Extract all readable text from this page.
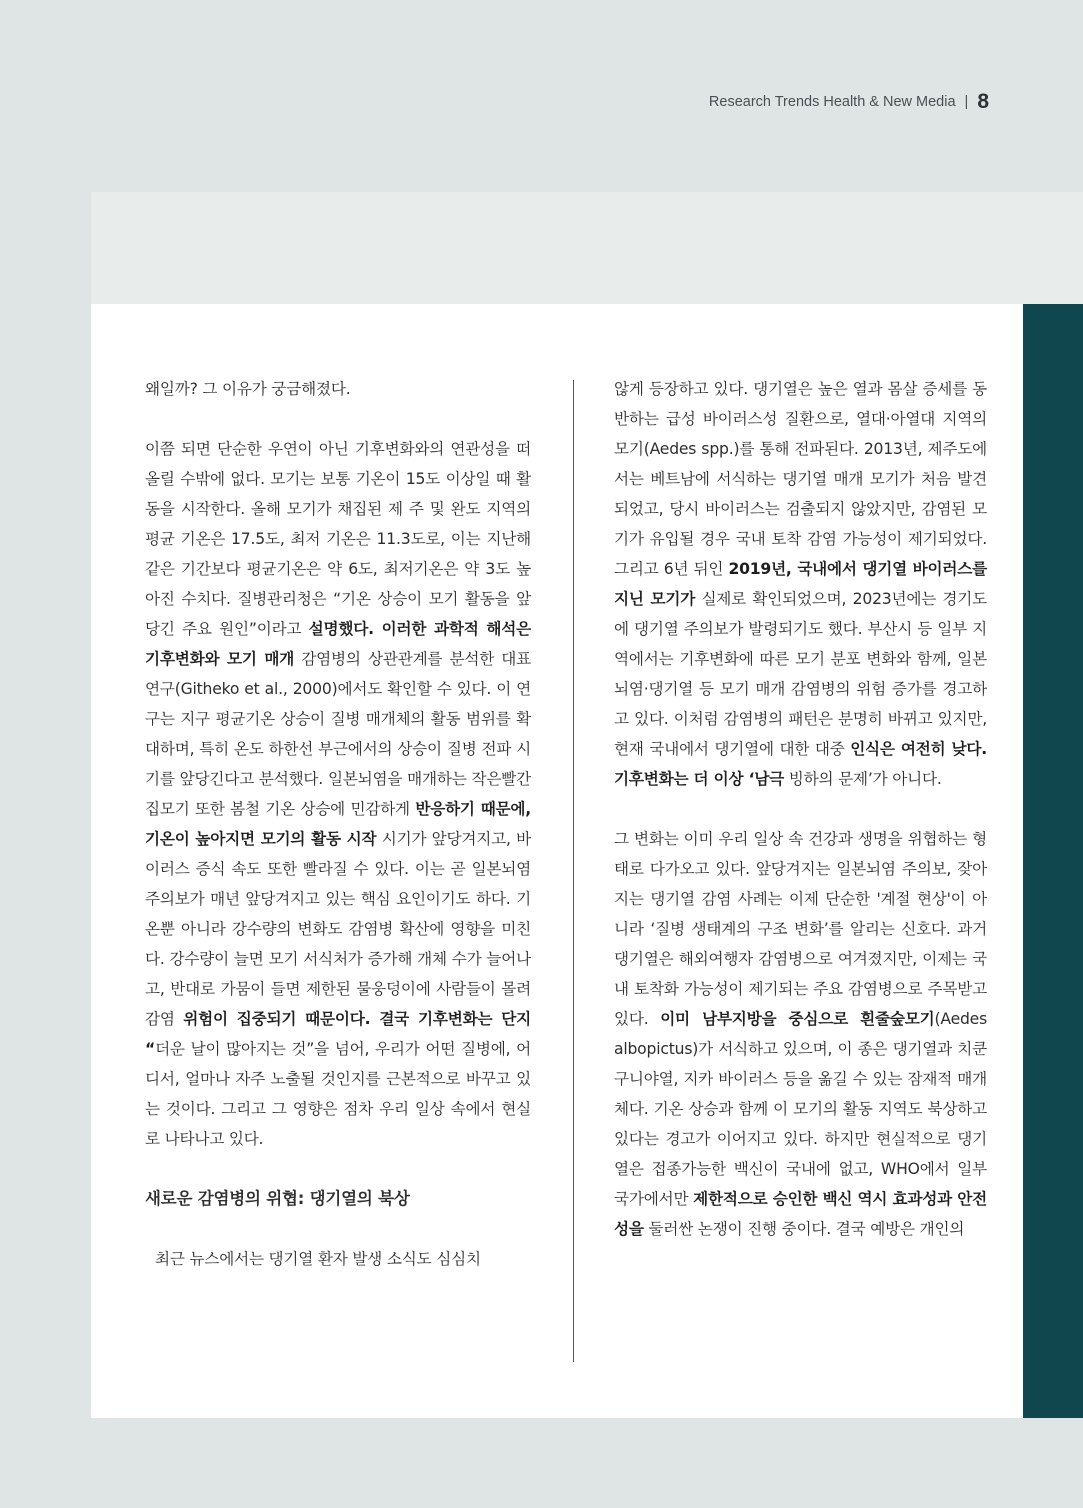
Research Trends Health & New Media | 8

왜일까? 그 이유가 궁금해졌다.

이쯤 되면 단순한 우연이 아닌 기후변화와의 연관성을 떠올릴 수밖에 없다. 모기는 보통 기온이 15도 이상일 때 활동을 시작한다. 올해 모기가 채집된 제 주 및 완도 지역의 평균 기온은 17.5도, 최저 기온은 11.3도로, 이는 지난해 같은 기간보다 평균기온은 약 6도, 최저기온은 약 3도 높아진 수치다. 질병관리청은 “기온 상승이 모기 활동을 앞당긴 주요 원인”이라고 설명했다. 이러한 과학적 해석은 기후변화와 모기 매개 감염병의 상관관계를 분석한 대표 연구(Githeko et al., 2000)에서도 확인할 수 있다. 이 연구는 지구 평균기온 상승이 질병 매개체의 활동 범위를 확대하며, 특히 온도 하한선 부근에서의 상승이 질병 전파 시기를 앞당긴다고 분석했다. 일본뇌염을 매개하는 작은빨간집모기 또한 봄철 기온 상승에 민감하게 반응하기 때문에, 기온이 높아지면 모기의 활동 시작 시기가 앞당겨지고, 바이러스 증식 속도 또한 빨라질 수 있다. 이는 곧 일본뇌염 주의보가 매년 앞당겨지고 있는 핵심 요인이기도 하다. 기온뿐 아니라 강수량의 변화도 감염병 확산에 영향을 미친다. 강수량이 늘면 모기 서식처가 증가해 개체 수가 늘어나고, 반대로 가뭄이 들면 제한된 물웅덩이에 사람들이 몰려 감염 위험이 집중되기 때문이다. 결국 기후변화는 단지 “더운 날이 많아지는 것”을 넘어, 우리가 어떤 질병에, 어디서, 얼마나 자주 노출될 것인지를 근본적으로 바꾸고 있는 것이다. 그리고 그 영향은 점차 우리 일상 속에서 현실로 나타나고 있다.

새로운 감염병의 위협: 댕기열의 북상

최근 뉴스에서는 댕기열 환자 발생 소식도 심심치

않게 등장하고 있다. 댕기열은 높은 열과 몸살 증세를 동반하는 급성 바이러스성 질환으로, 열대·아열대 지역의 모기(Aedes spp.)를 통해 전파된다. 2013년, 제주도에서는 베트남에 서식하는 댕기열 매개 모기가 처음 발견되었고, 당시 바이러스는 검출되지 않았지만, 감염된 모기가 유입될 경우 국내 토착 감염 가능성이 제기되었다. 그리고 6년 뒤인 2019년, 국내에서 댕기열 바이러스를 지닌 모기가 실제로 확인되었으며, 2023년에는 경기도에 댕기열 주의보가 발령되기도 했다. 부산시 등 일부 지역에서는 기후변화에 따른 모기 분포 변화와 함께, 일본뇌염·댕기열 등 모기 매개 감염병의 위험 증가를 경고하고 있다. 이처럼 감염병의 패턴은 분명히 바뀌고 있지만, 현재 국내에서 댕기열에 대한 대중 인식은 여전히 낮다. 기후변화는 더 이상 ‘남극 빙하의 문제’가 아니다.

그 변화는 이미 우리 일상 속 건강과 생명을 위협하는 형태로 다가오고 있다. 앞당겨지는 일본뇌염 주의보, 잦아지는 댕기열 감염 사례는 이제 단순한 '계절 현상'이 아니라 ‘질병 생태계의 구조 변화’를 알리는 신호다. 과거 댕기열은 해외여행자 감염병으로 여겨졌지만, 이제는 국내 토착화 가능성이 제기되는 주요 감염병으로 주목받고 있다. 이미 남부지방을 중심으로 흰줄숲모기(Aedes albopictus)가 서식하고 있으며, 이 종은 댕기열과 치쿤구니야열, 지카 바이러스 등을 옮길 수 있는 잠재적 매개체다. 기온 상승과 함께 이 모기의 활동 지역도 북상하고 있다는 경고가 이어지고 있다. 하지만 현실적으로 댕기열은 접종가능한 백신이 국내에 없고, WHO에서 일부 국가에서만 제한적으로 승인한 백신 역시 효과성과 안전성을 둘러싼 논쟁이 진행 중이다. 결국 예방은 개인의
